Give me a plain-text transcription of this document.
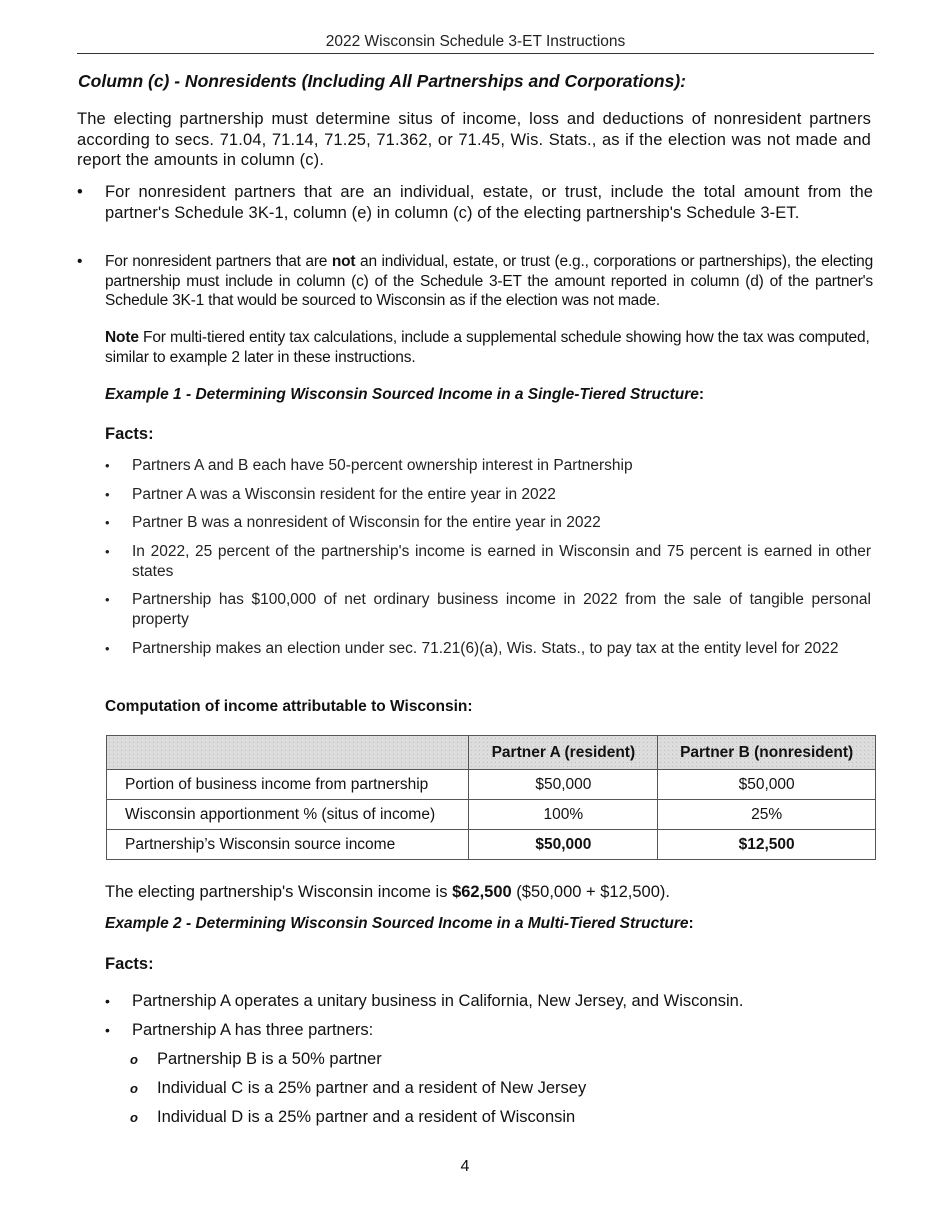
2022 Wisconsin Schedule 3-ET Instructions
Column (c) - Nonresidents (Including All Partnerships and Corporations):
The electing partnership must determine situs of income, loss and deductions of nonresident partners according to secs. 71.04, 71.14, 71.25, 71.362, or 71.45, Wis. Stats., as if the election was not made and report the amounts in column (c).
• For nonresident partners that are an individual, estate, or trust, include the total amount from the partner's Schedule 3K-1, column (e) in column (c) of the electing partnership's Schedule 3-ET.
• For nonresident partners that are not an individual, estate, or trust (e.g., corporations or partnerships), the electing partnership must include in column (c) of the Schedule 3-ET the amount reported in column (d) of the partner's Schedule 3K-1 that would be sourced to Wisconsin as if the election was not made.
Note For multi-tiered entity tax calculations, include a supplemental schedule showing how the tax was computed, similar to example 2 later in these instructions.
Example 1 - Determining Wisconsin Sourced Income in a Single-Tiered Structure:
Facts:
• Partners A and B each have 50-percent ownership interest in Partnership
• Partner A was a Wisconsin resident for the entire year in 2022
• Partner B was a nonresident of Wisconsin for the entire year in 2022
• In 2022, 25 percent of the partnership's income is earned in Wisconsin and 75 percent is earned in other states
• Partnership has $100,000 of net ordinary business income in 2022 from the sale of tangible personal property
• Partnership makes an election under sec. 71.21(6)(a), Wis. Stats., to pay tax at the entity level for 2022
Computation of income attributable to Wisconsin:
	Partner A (resident)	Partner B (nonresident)
Portion of business income from partnership	$50,000	$50,000
Wisconsin apportionment % (situs of income)	100%	25%
Partnership’s Wisconsin source income	$50,000	$12,500
The electing partnership's Wisconsin income is $62,500 ($50,000 + $12,500).
Example 2 - Determining Wisconsin Sourced Income in a Multi-Tiered Structure:
Facts:
• Partnership A operates a unitary business in California, New Jersey, and Wisconsin.
• Partnership A has three partners:
o Partnership B is a 50% partner
o Individual C is a 25% partner and a resident of New Jersey
o Individual D is a 25% partner and a resident of Wisconsin
4
